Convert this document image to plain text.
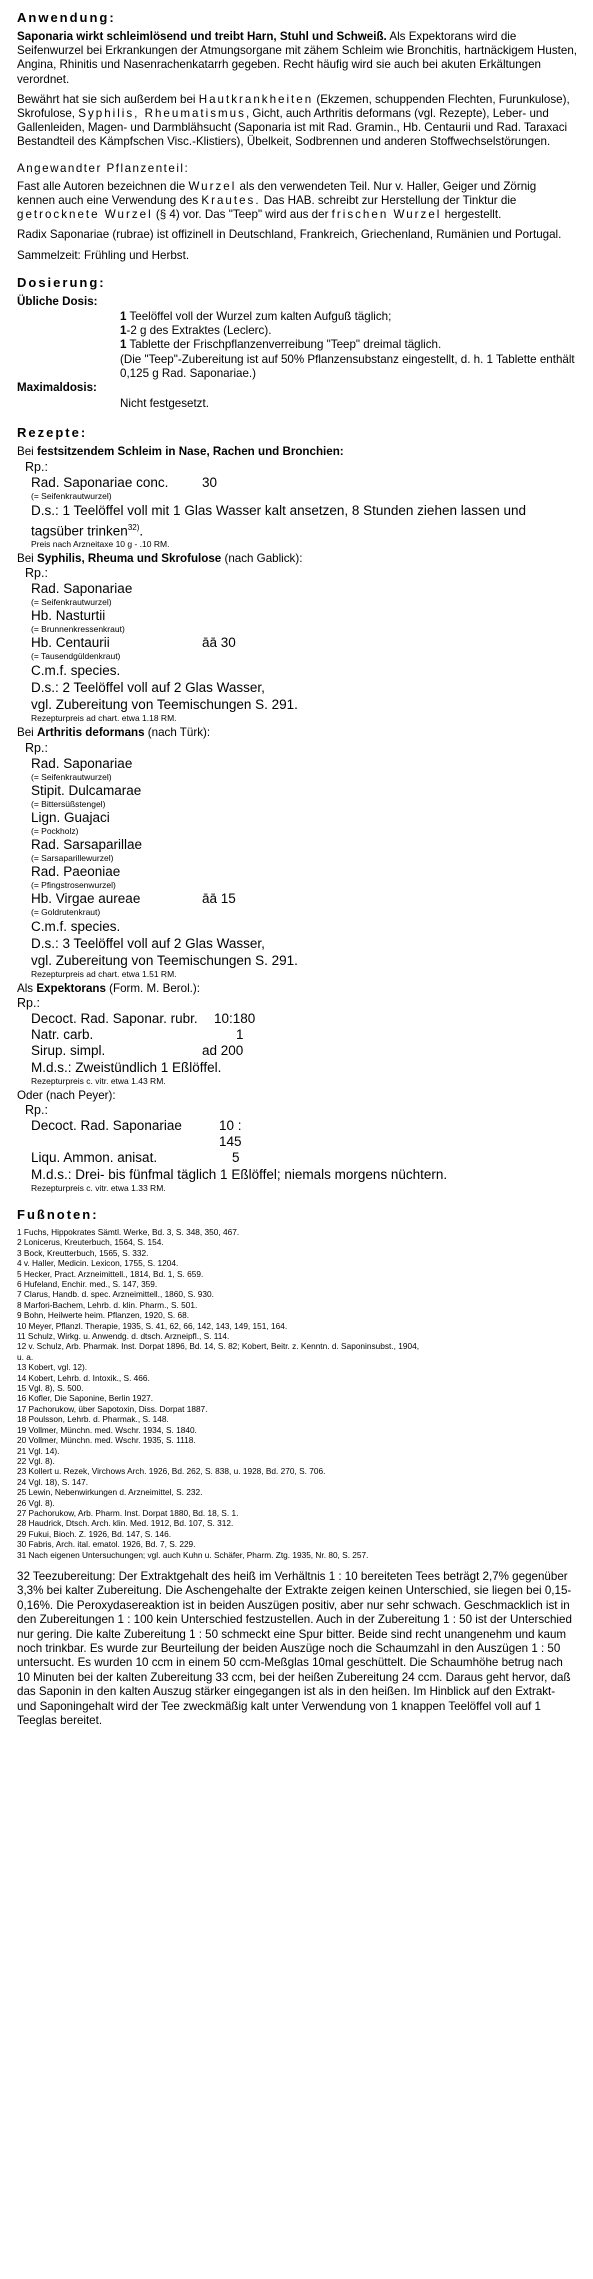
Anwendung:

Saponaria wirkt schleimlösend und treibt Harn, Stuhl und Schweiß. Als Expektorans wird die Seifenwurzel bei Erkrankungen der Atmungsorgane mit zähem Schleim wie Bronchitis, hartnäckigem Husten, Angina, Rhinitis und Nasenrachenkatarrh gegeben. Recht häufig wird sie auch bei akuten Erkältungen verordnet.

Bewährt hat sie sich außerdem bei Hautkrankheiten (Ekzemen, schuppenden Flechten, Furunkulose), Skrofulose, Syphilis, Rheumatismus, Gicht, auch Arthritis deformans (vgl. Rezepte), Leber- und Gallenleiden, Magen- und Darmblähsucht (Saponaria ist mit Rad. Gramin., Hb. Centaurii und Rad. Taraxaci Bestandteil des Kämpfschen Visc.-Klistiers), Übelkeit, Sodbrennen und anderen Stoffwechselstörungen.

Angewandter Pflanzenteil:

Fast alle Autoren bezeichnen die Wurzel als den verwendeten Teil. Nur v. Haller, Geiger und Zörnig kennen auch eine Verwendung des Krautes. Das HAB. schreibt zur Herstellung der Tinktur die getrocknete Wurzel (§ 4) vor. Das "Teep" wird aus der frischen Wurzel hergestellt.

Radix Saponariae (rubrae) ist offizinell in Deutschland, Frankreich, Griechenland, Rumänien und Portugal.

Sammelzeit: Frühling und Herbst.

Dosierung:
Übliche Dosis:
1 Teelöffel voll der Wurzel zum kalten Aufguß täglich;
1-2 g des Extraktes (Leclerc).
1 Tablette der Frischpflanzenverreibung "Teep" dreimal täglich.
(Die "Teep"-Zubereitung ist auf 50% Pflanzensubstanz eingestellt, d. h. 1 Tablette enthält 0,125 g Rad. Saponariae.)
Maximaldosis:
Nicht festgesetzt.
Rezepte:
Bei festsitzendem Schleim in Nase, Rachen und Bronchien:
Rp.:
Rad. Saponariae conc.	30
(= Seifenkrautwurzel)
D.s.: 1 Teelöffel voll mit 1 Glas Wasser kalt ansetzen, 8 Stunden ziehen lassen und tagsüber trinken$^{32)}$.
Preis nach Arzneitaxe 10 g - .10 RM.
Bei Syphilis, Rheuma und Skrofulose (nach Gablick):
Rp.:
Rad. Saponariae
(= Seifenkrautwurzel)
Hb. Nasturtii
(= Brunnenkressenkraut)
Hb. Centaurii	āā 30
(= Tausendgüldenkraut)
C.m.f. species.
D.s.: 2 Teelöffel voll auf 2 Glas Wasser,
vgl. Zubereitung von Teemischungen S. 291.
Rezepturpreis ad chart. etwa 1.18 RM.
Bei Arthritis deformans (nach Türk):
Rp.:
Rad. Saponariae
(= Seifenkrautwurzel)
Stipit. Dulcamarae
(= Bittersüßstengel)
Lign. Guajaci
(= Pockholz)
Rad. Sarsaparillae
(= Sarsaparillewurzel)
Rad. Paeoniae
(= Pfingstrosenwurzel)
Hb. Virgae aureae	āā 15
(= Goldrutenkraut)
C.m.f. species.
D.s.: 3 Teelöffel voll auf 2 Glas Wasser,
vgl. Zubereitung von Teemischungen S. 291.
Rezepturpreis ad chart. etwa 1.51 RM.
Als Expektorans (Form. M. Berol.):
Rp.:
Decoct. Rad. Saponar. rubr.	10:180
Natr. carb.	1
Sirup. simpl.	ad 200
M.d.s.: Zweistündlich 1 Eßlöffel.
Rezepturpreis c. vitr. etwa 1.43 RM.
Oder (nach Peyer):
Rp.:
Decoct. Rad. Saponariae	10 :
145
Liqu. Ammon. anisat.	5
M.d.s.: Drei- bis fünfmal täglich 1 Eßlöffel; niemals morgens nüchtern.
Rezepturpreis c. vitr. etwa 1.33 RM.
Fußnoten:
1 Fuchs, Hippokrates Sämtl. Werke, Bd. 3, S. 348, 350, 467.
2 Lonicerus, Kreuterbuch, 1564, S. 154.
3 Bock, Kreutterbuch, 1565, S. 332.
4 v. Haller, Medicin. Lexicon, 1755, S. 1204.
5 Hecker, Pract. Arzneimittell., 1814, Bd. 1, S. 659.
6 Hufeland, Enchir. med., S. 147, 359.
7 Clarus, Handb. d. spec. Arzneimittell., 1860, S. 930.
8 Marfori-Bachem, Lehrb. d. klin. Pharm., S. 501.
9 Bohn, Heilwerte heim. Pflanzen, 1920, S. 68.
10 Meyer, Pflanzl. Therapie, 1935, S. 41, 62, 66, 142, 143, 149, 151, 164.
11 Schulz, Wirkg. u. Anwendg. d. dtsch. Arzneipfl., S. 114.
12 v. Schulz, Arb. Pharmak. Inst. Dorpat 1896, Bd. 14, S. 82; Kobert, Beitr. z. Kenntn. d. Saponinsubst., 1904,
u. a.
13 Kobert, vgl. 12).
14 Kobert, Lehrb. d. Intoxik., S. 466.
15 Vgl. 8), S. 500.
16 Kofler, Die Saponine, Berlin 1927.
17 Pachorukow, über Sapotoxin, Diss. Dorpat 1887.
18 Poulsson, Lehrb. d. Pharmak., S. 148.
19 Vollmer, Münchn. med. Wschr. 1934, S. 1840.
20 Vollmer, Münchn. med. Wschr. 1935, S. 1118.
21 Vgl. 14).
22 Vgl. 8).
23 Kollert u. Rezek, Virchows Arch. 1926, Bd. 262, S. 838, u. 1928, Bd. 270, S. 706.
24 Vgl. 18), S. 147.
25 Lewin, Nebenwirkungen d. Arzneimittel, S. 232.
26 Vgl. 8).
27 Pachorukow, Arb. Pharm. Inst. Dorpat 1880, Bd. 18, S. 1.
28 Haudrick, Dtsch. Arch. klin. Med. 1912, Bd. 107, S. 312.
29 Fukui, Bioch. Z. 1926, Bd. 147, S. 146.
30 Fabris, Arch. ital. ematol. 1926, Bd. 7, S. 229.
31 Nach eigenen Untersuchungen; vgl. auch Kuhn u. Schäfer, Pharm. Ztg. 1935, Nr. 80, S. 257.

32 Teezubereitung: Der Extraktgehalt des heiß im Verhältnis 1 : 10 bereiteten Tees beträgt 2,7% gegenüber 3,3% bei kalter Zubereitung. Die Aschengehalte der Extrakte zeigen keinen Unterschied, sie liegen bei 0,15-0,16%. Die Peroxydasereaktion ist in beiden Auszügen positiv, aber nur sehr schwach. Geschmacklich ist in den Zubereitungen 1 : 100 kein Unterschied festzustellen. Auch in der Zubereitung 1 : 50 ist der Unterschied nur gering. Die kalte Zubereitung 1 : 50 schmeckt eine Spur bitter. Beide sind recht unangenehm und kaum noch trinkbar. Es wurde zur Beurteilung der beiden Auszüge noch die Schaumzahl in den Auszügen 1 : 50 untersucht. Es wurden 10 ccm in einem 50 ccm-Meßglas 10mal geschüttelt. Die Schaumhöhe betrug nach 10 Minuten bei der kalten Zubereitung 33 ccm, bei der heißen Zubereitung 24 ccm. Daraus geht hervor, daß das Saponin in den kalten Auszug stärker eingegangen ist als in den heißen. Im Hinblick auf den Extrakt- und Saponingehalt wird der Tee zweckmäßig kalt unter Verwendung von 1 knappen Teelöffel voll auf 1 Teeglas bereitet.
